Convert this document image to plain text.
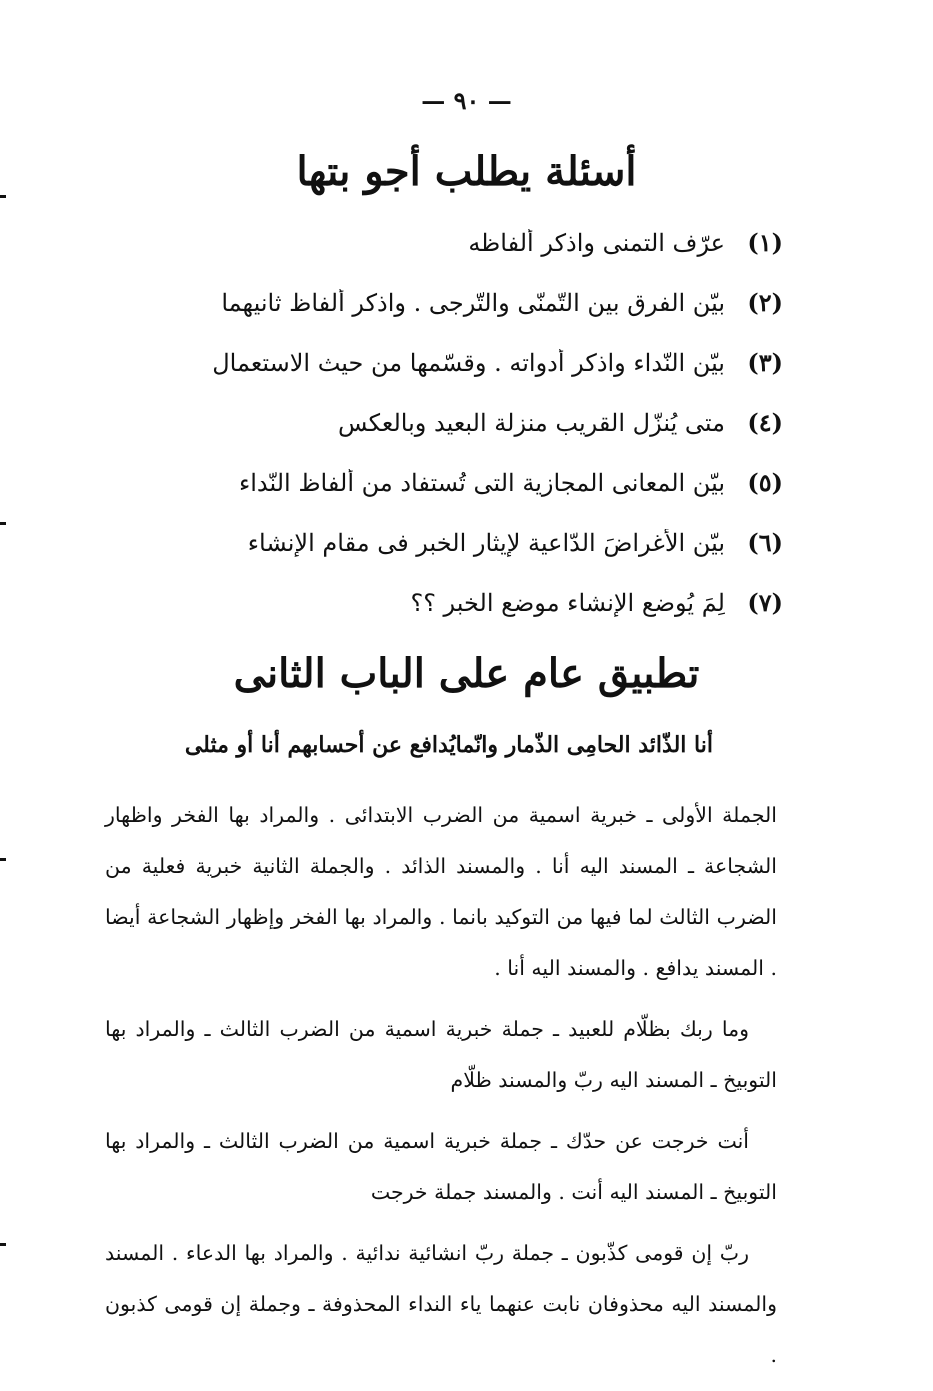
— ٩٠ —
أسئلة يطلب أجو بتها
(١)
عرّف التمنى واذكر ألفاظه
(٢)
بيّن الفرق بين التّمنّى والتّرجى . واذكر ألفاظ ثانيهما
(٣)
بيّن النّداء واذكر أدواته . وقسّمها من حيث الاستعمال
(٤)
متى يُنزّل القريب منزلة البعيد وبالعكس
(٥)
بيّن المعانى المجازية التى تُستفاد من ألفاظ النّداء
(٦)
بيّن الأغراضَ الدّاعية لإيثار الخبر فى مقام الإنشاء
(٧)
لِمَ يُوضع الإنشاء موضع الخبر ؟؟
تطبيق عام على الباب الثانى
أنا الذّائد الحامِى الذّمار وانّما
يُدافع عن أحسابهم أنا أو مثلى

الجملة الأولى ـ خبرية اسمية من الضرب الابتدائى . والمراد بها الفخر واظهار الشجاعة ـ المسند اليه أنا . والمسند الذائد . والجملة الثانية خبرية فعلية من الضرب الثالث لما فيها من التوكيد بانما . والمراد بها الفخر وإظهار الشجاعة أيضا . المسند يدافع . والمسند اليه أنا .

وما ربك بظلّام للعبيد ـ جملة خبرية اسمية من الضرب الثالث ـ والمراد بها التوبيخ ـ المسند اليه ربّ والمسند ظلّام

أنت خرجت عن حدّك ـ جملة خبرية اسمية من الضرب الثالث ـ والمراد بها التوبيخ ـ المسند اليه أنت . والمسند جملة خرجت

ربّ إن قومى كذّبون ـ جملة ربّ انشائية ندائية . والمراد بها الدعاء . المسند والمسند اليه محذوفان نابت عنهما ياء النداء المحذوفة ـ وجملة إن قومى كذبون .
